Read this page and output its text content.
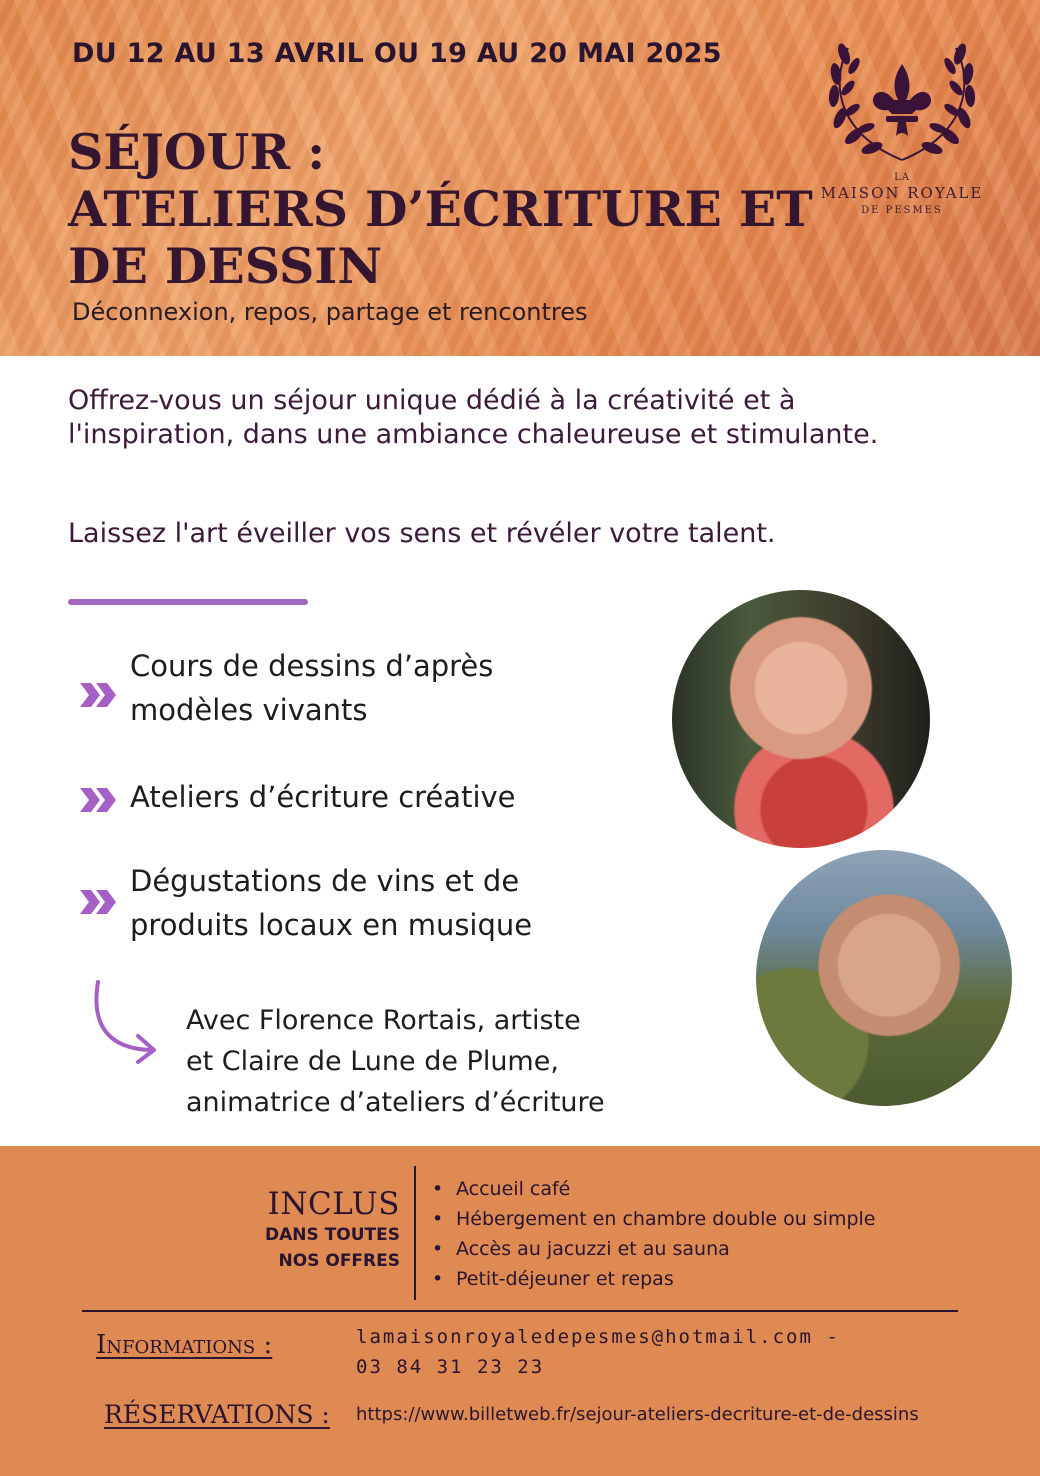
DU 12 AU 13 AVRIL OU 19 AU 20 MAI 2025
SÉJOUR :
ATELIERS D’ÉCRITURE ET
DE DESSIN
Déconnexion, repos, partage et rencontres
LA
MAISON ROYALE
DE PESMES
Offrez-vous un séjour unique dédié à la créativité et à l'inspiration, dans une ambiance chaleureuse et stimulante.
Laissez l'art éveiller vos sens et révéler votre talent.
Cours de dessins d’après
modèles vivants
Ateliers d’écriture créative
Dégustations de vins et de
produits locaux en musique
Avec Florence Rortais, artiste
et Claire de Lune de Plume,
animatrice d’ateliers d’écriture
INCLUS
DANS TOUTES
NOS OFFRES
• Accueil café
• Hébergement en chambre double ou simple
• Accès au jacuzzi et au sauna
• Petit-déjeuner et repas
Informations :	lamaisonroyaledepesmes@hotmail.com -
03 84 31 23 23
RÉSERVATIONS : https://www.billetweb.fr/sejour-ateliers-decriture-et-de-dessins
